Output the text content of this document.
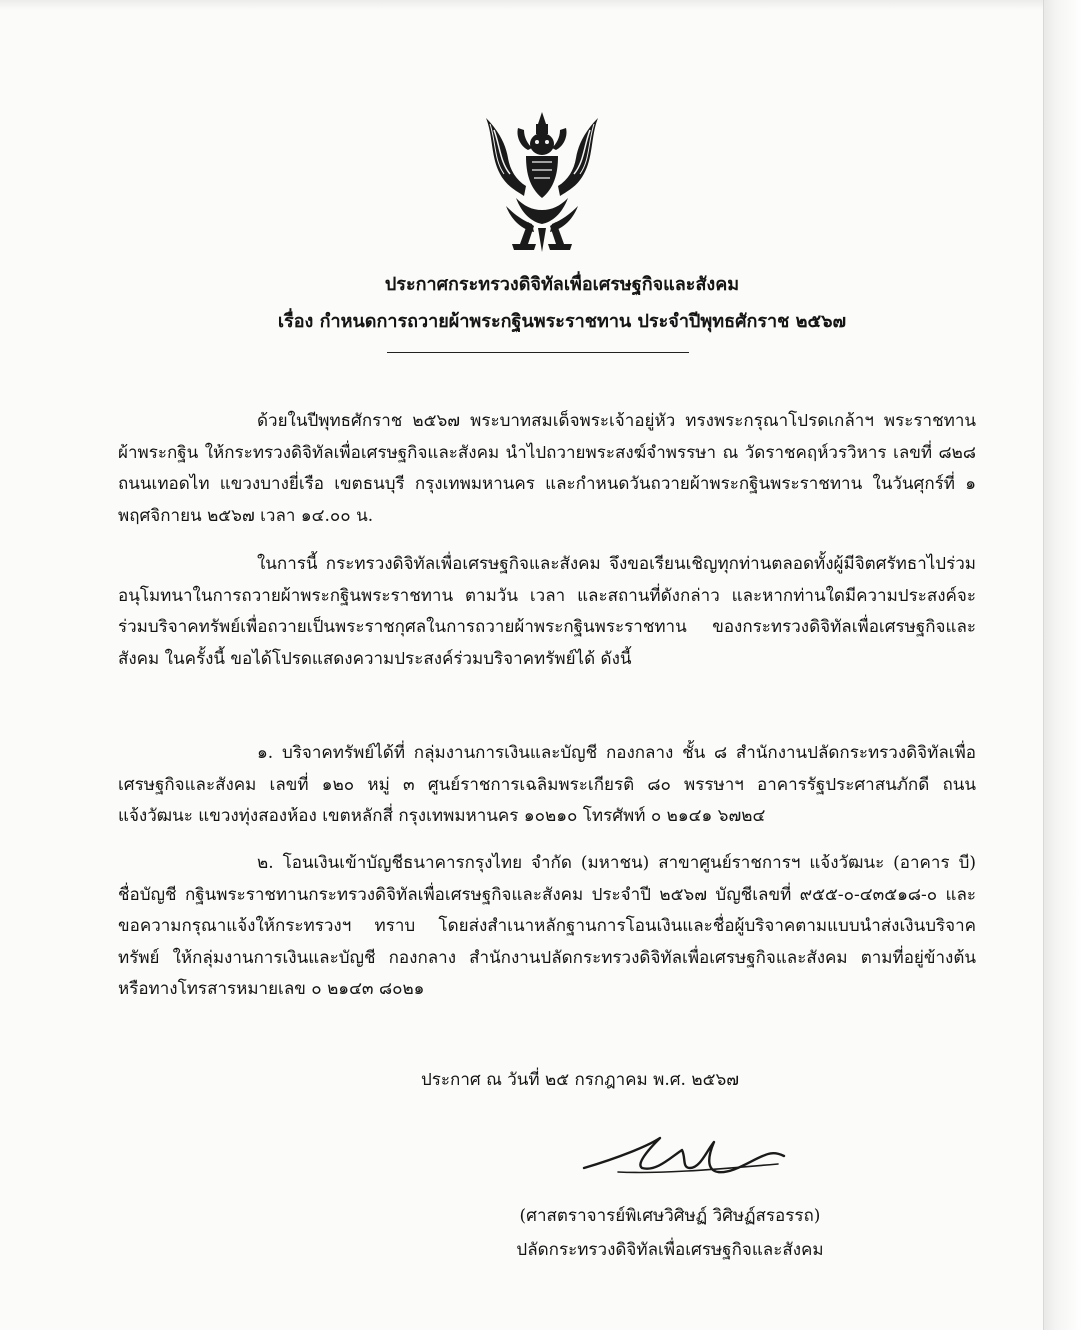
ประกาศกระทรวงดิจิทัลเพื่อเศรษฐกิจและสังคม
เรื่อง กำหนดการถวายผ้าพระกฐินพระราชทาน ประจำปีพุทธศักราช ๒๕๖๗
ด้วยในปีพุทธศักราช ๒๕๖๗ พระบาทสมเด็จพระเจ้าอยู่หัว ทรงพระกรุณาโปรดเกล้าฯ พระราชทานผ้าพระกฐิน ให้กระทรวงดิจิทัลเพื่อเศรษฐกิจและสังคม นำไปถวายพระสงฆ์จำพรรษา ณ วัดราชคฤห์วรวิหาร เลขที่ ๘๒๘ ถนนเทอดไท แขวงบางยี่เรือ เขตธนบุรี กรุงเทพมหานคร และกำหนดวันถวายผ้าพระกฐินพระราชทาน ในวันศุกร์ที่ ๑ พฤศจิกายน ๒๕๖๗ เวลา ๑๔.๐๐ น.
ในการนี้ กระทรวงดิจิทัลเพื่อเศรษฐกิจและสังคม จึงขอเรียนเชิญทุกท่านตลอดทั้งผู้มีจิตศรัทธาไปร่วมอนุโมทนาในการถวายผ้าพระกฐินพระราชทาน ตามวัน เวลา และสถานที่ดังกล่าว และหากท่านใดมีความประสงค์จะร่วมบริจาคทรัพย์เพื่อถวายเป็นพระราชกุศลในการถวายผ้าพระกฐินพระราชทาน ของกระทรวงดิจิทัลเพื่อเศรษฐกิจและสังคม ในครั้งนี้ ขอได้โปรดแสดงความประสงค์ร่วมบริจาคทรัพย์ได้ ดังนี้
๑. บริจาคทรัพย์ได้ที่ กลุ่มงานการเงินและบัญชี กองกลาง ชั้น ๘ สำนักงานปลัดกระทรวงดิจิทัลเพื่อเศรษฐกิจและสังคม เลขที่ ๑๒๐ หมู่ ๓ ศูนย์ราชการเฉลิมพระเกียรติ ๘๐ พรรษาฯ อาคารรัฐประศาสนภักดี ถนนแจ้งวัฒนะ แขวงทุ่งสองห้อง เขตหลักสี่ กรุงเทพมหานคร ๑๐๒๑๐ โทรศัพท์ ๐ ๒๑๔๑ ๖๗๒๔
๒. โอนเงินเข้าบัญชีธนาคารกรุงไทย จำกัด (มหาชน) สาขาศูนย์ราชการฯ แจ้งวัฒนะ (อาคาร บี) ชื่อบัญชี กฐินพระราชทานกระทรวงดิจิทัลเพื่อเศรษฐกิจและสังคม ประจำปี ๒๕๖๗ บัญชีเลขที่ ๙๕๕-๐-๔๓๕๑๘-๐ และขอความกรุณาแจ้งให้กระทรวงฯ ทราบ โดยส่งสำเนาหลักฐานการโอนเงินและชื่อผู้บริจาคตามแบบนำส่งเงินบริจาคทรัพย์ ให้กลุ่มงานการเงินและบัญชี กองกลาง สำนักงานปลัดกระทรวงดิจิทัลเพื่อเศรษฐกิจและสังคม ตามที่อยู่ข้างต้น หรือทางโทรสารหมายเลข ๐ ๒๑๔๓ ๘๐๒๑
ประกาศ ณ วันที่ ๒๕ กรกฎาคม พ.ศ. ๒๕๖๗
(ศาสตราจารย์พิเศษวิศิษฏ์ วิศิษฏ์สรอรรถ)
ปลัดกระทรวงดิจิทัลเพื่อเศรษฐกิจและสังคม
